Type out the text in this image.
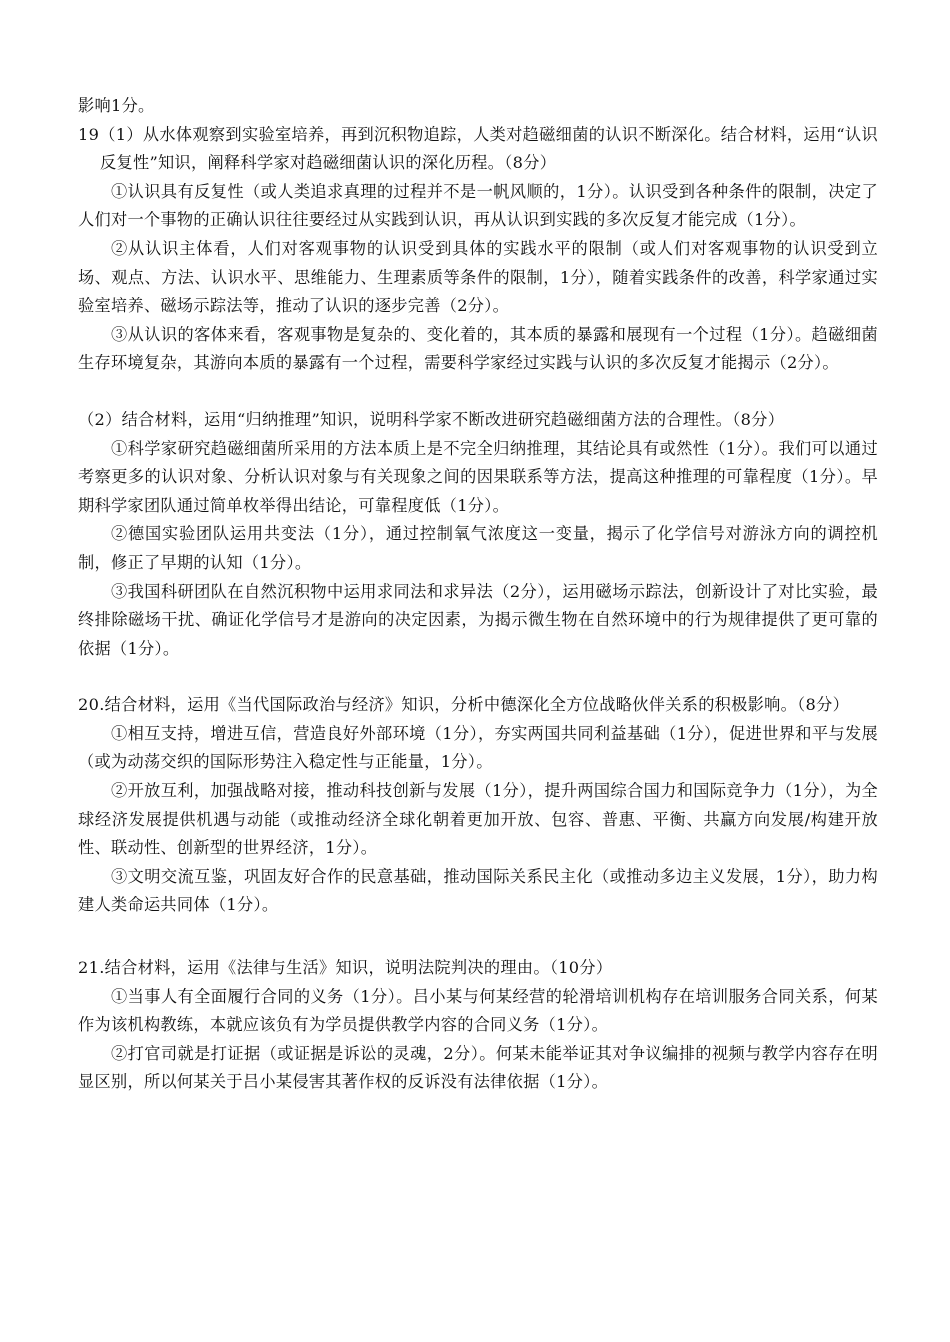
影响1分。

19（1）从水体观察到实验室培养，再到沉积物追踪，人类对趋磁细菌的认识不断深化。结合材料，运用“认识反复性”知识，阐释科学家对趋磁细菌认识的深化历程。（8分）

①认识具有反复性（或人类追求真理的过程并不是一帆风顺的，1分）。认识受到各种条件的限制，决定了人们对一个事物的正确认识往往要经过从实践到认识，再从认识到实践的多次反复才能完成（1分）。

②从认识主体看，人们对客观事物的认识受到具体的实践水平的限制（或人们对客观事物的认识受到立场、观点、方法、认识水平、思维能力、生理素质等条件的限制，1分），随着实践条件的改善，科学家通过实验室培养、磁场示踪法等，推动了认识的逐步完善（2分）。

③从认识的客体来看，客观事物是复杂的、变化着的，其本质的暴露和展现有一个过程（1分）。趋磁细菌生存环境复杂，其游向本质的暴露有一个过程，需要科学家经过实践与认识的多次反复才能揭示（2分）。

（2）结合材料，运用“归纳推理”知识，说明科学家不断改进研究趋磁细菌方法的合理性。（8分）

①科学家研究趋磁细菌所采用的方法本质上是不完全归纳推理，其结论具有或然性（1分）。我们可以通过考察更多的认识对象、分析认识对象与有关现象之间的因果联系等方法，提高这种推理的可靠程度（1分）。早期科学家团队通过简单枚举得出结论，可靠程度低（1分）。

②德国实验团队运用共变法（1分），通过控制氧气浓度这一变量，揭示了化学信号对游泳方向的调控机制，修正了早期的认知（1分）。

③我国科研团队在自然沉积物中运用求同法和求异法（2分），运用磁场示踪法，创新设计了对比实验，最终排除磁场干扰、确证化学信号才是游向的决定因素，为揭示微生物在自然环境中的行为规律提供了更可靠的依据（1分）。

20.结合材料，运用《当代国际政治与经济》知识，分析中德深化全方位战略伙伴关系的积极影响。（8分）

①相互支持，增进互信，营造良好外部环境（1分），夯实两国共同利益基础（1分），促进世界和平与发展（或为动荡交织的国际形势注入稳定性与正能量，1分）。

②开放互利，加强战略对接，推动科技创新与发展（1分），提升两国综合国力和国际竞争力（1分），为全球经济发展提供机遇与动能（或推动经济全球化朝着更加开放、包容、普惠、平衡、共赢方向发展/构建开放性、联动性、创新型的世界经济，1分）。

③文明交流互鉴，巩固友好合作的民意基础，推动国际关系民主化（或推动多边主义发展，1分），助力构建人类命运共同体（1分）。

21.结合材料，运用《法律与生活》知识，说明法院判决的理由。（10分）

①当事人有全面履行合同的义务（1分）。吕小某与何某经营的轮滑培训机构存在培训服务合同关系，何某作为该机构教练，本就应该负有为学员提供教学内容的合同义务（1分）。

②打官司就是打证据（或证据是诉讼的灵魂，2分）。何某未能举证其对争议编排的视频与教学内容存在明显区别，所以何某关于吕小某侵害其著作权的反诉没有法律依据（1分）。
